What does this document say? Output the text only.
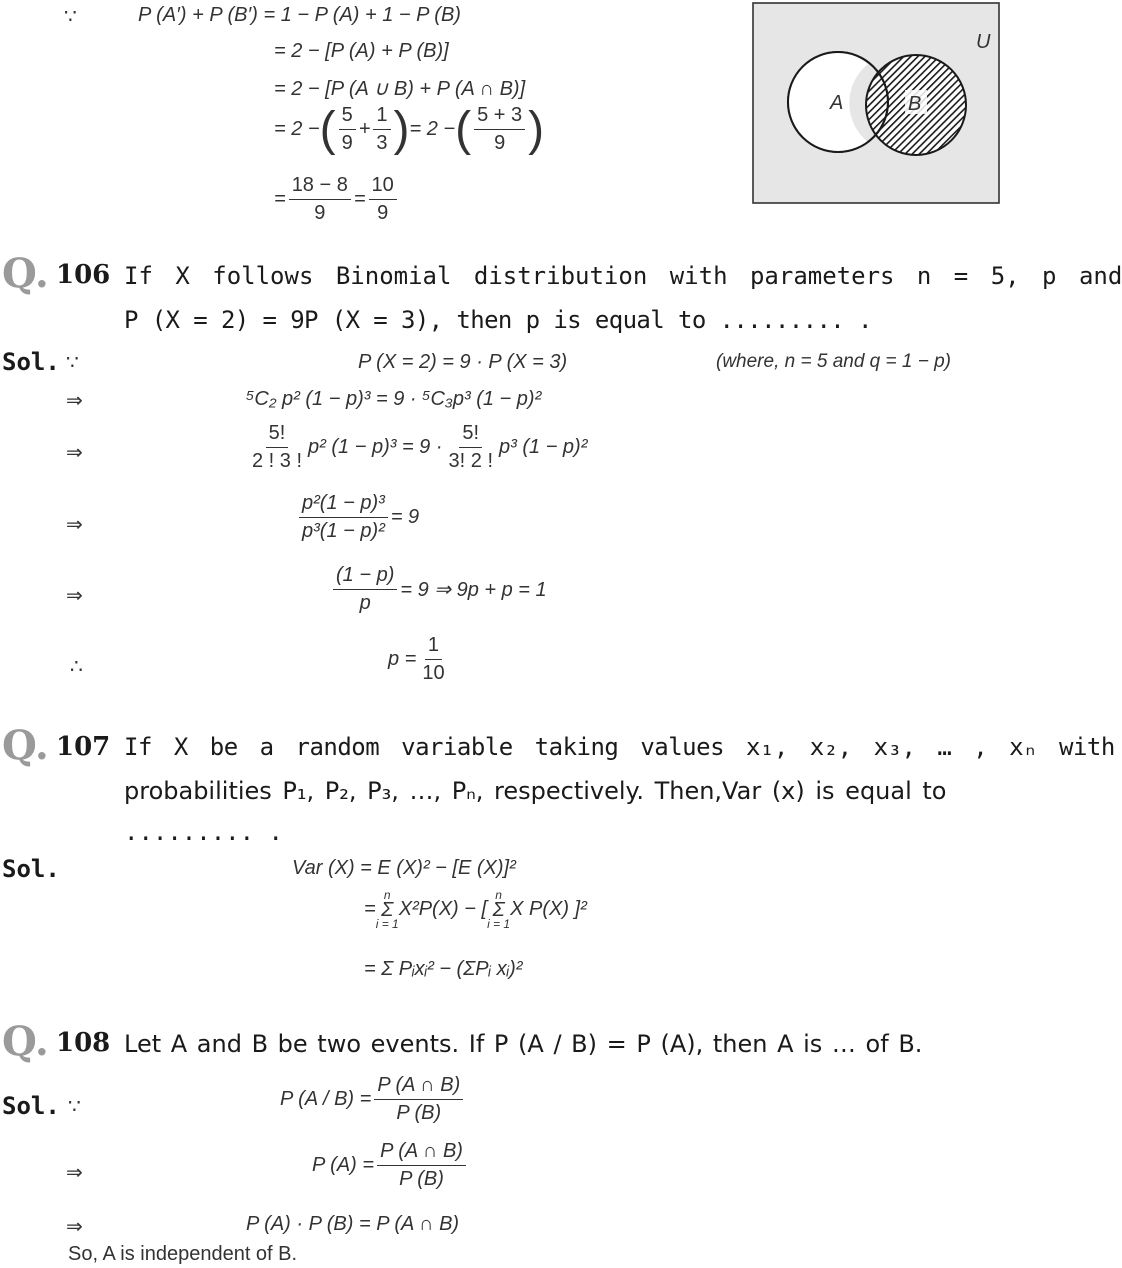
∵	P (A′) + P (B′) = 1 − P (A) + 1 − P (B)
= 2 − [P (A) + P (B)]
= 2 − [P (A ∪ B) + P (A ∩ B)]
= 2 − ( $\frac{5}{9} + \frac{1}{3}$ ) = 2 − ( $\frac{5 + 3}{9}$ )
= $\frac{18 - 8}{9} = \frac{10}{9}$
U
A	B
Q. 106 If X follows Binomial distribution with parameters n = 5, p and
P (X = 2) = 9P (X = 3), then p is equal to ......... .
Sol. ∵	P (X = 2) = 9 · P (X = 3)	(where, n = 5 and q = 1 − p)
⇒	⁵C₂ p² (1 − p)³ = 9 · ⁵C₃p³ (1 − p)²
⇒	$\frac{5!}{2 ! 3 !} p^2$ $(1 - p)^3 = 9 \cdot \frac{5!}{3! 2 !} p^3$ (1 − p)²
⇒	$\frac{\text{p²(1 − p)³}}{\text{p³(1 − p)²}} = 9$
⇒	$\frac{(1 - p)}{p} = 9$ ⇒ 9p + p = 1
∴	$p = \frac{1}{10}$
Q. 107 If X be a random variable taking values x₁, x₂, x₃, … , xₙ with
probabilities P₁, P₂, P₃, …, Pₙ, respectively. Then,Var (x) is equal to
......... .
Sol.	Var (X) = E (X)² − [E (X)]²
=
n
Σ
i = 1
X²P(X) − [
n
Σ
i = 1
X P(X) ]²
= Σ Pᵢxᵢ² − (ΣPᵢ xᵢ)²
Q. 108 Let A and B be two events. If P (A / B) = P (A), then A is … of B.
Sol. ∵	P $(A / B) = \frac{P (A \cap B)}{P (B)}$
⇒	P $(A) = \frac{P (A \cap B)}{P (B)}$
⇒	P (A) · P (B) = P (A ∩ B)
So, A is independent of B.
